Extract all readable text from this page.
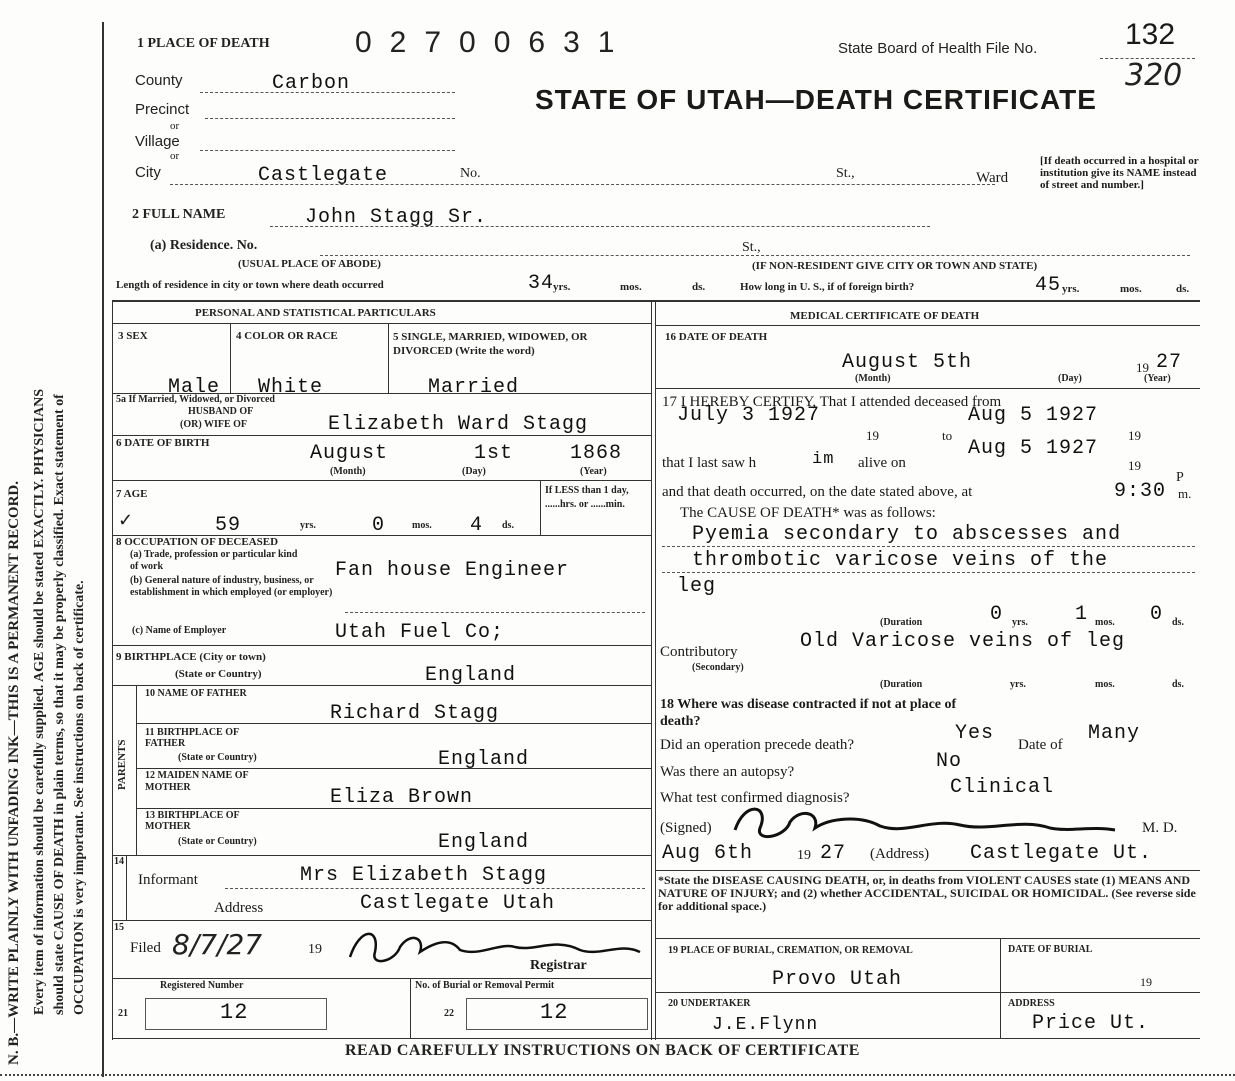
N. B.—WRITE PLAINLY WITH UNFADING INK—THIS IS A PERMANENT RECORD. Every item of information should be carefully supplied. AGE should be stated EXACTLY. PHYSICIANS should state CAUSE OF DEATH in plain terms, so that it may be properly classified. Exact statement of OCCUPATION is very important. See instructions on back of certificate.
1 PLACE OF DEATH	02700631	State Board of Health File No.	132
320
STATE OF UTAH—DEATH CERTIFICATE
County	Carbon
Precinct
or
Village
or
City	Castlegate	No.	St.,	Ward
[If death occurred in a hospital or institution give its NAME instead of street and number.]
2 FULL NAME	John Stagg Sr.
(a) Residence. No.	St.,
(USUAL PLACE OF ABODE)	(IF NON-RESIDENT GIVE CITY OR TOWN AND STATE)
Length of residence in city or town where death occurred	34
yrs.	mos.	ds.	How long in U. S., if of foreign birth?	45 yrs.	mos.	ds.
PERSONAL AND STATISTICAL PARTICULARS
3 SEX	4 COLOR OR RACE	5 SINGLE, MARRIED, WIDOWED, OR DIVORCED (Write the word)
Male White	Married
5a If Married, Widowed, or Divorced
HUSBAND OF
(OR) WIFE OF	Elizabeth Ward Stagg
6 DATE OF BIRTH	August	1st	1868
(Month)	(Day)	(Year)
7 AGE
✓	59	yrs.	0	mos. 4 ds.
If LESS than 1 day, ......hrs. or ......min.
8 OCCUPATION OF DECEASED
(a) Trade, profession or particular kind of work	Fan house Engineer
(b) General nature of industry, business, or establishment in which employed (or employer)
(c) Name of Employer	Utah Fuel Co;
9 BIRTHPLACE (City or town)
(State or Country)	England
PARENTS
10 NAME OF FATHER
Richard Stagg
11 BIRTHPLACE OF FATHER
(State or Country)	England
12 MAIDEN NAME OF MOTHER	Eliza Brown
13 BIRTHPLACE OF MOTHER
(State or Country)	England
14
Informant	Mrs Elizabeth Stagg
Address	Castlegate Utah
15
Filed 8/7/27	19
Registrar
Registered Number	No. of Burial or Removal Permit
21	12	22	12
MEDICAL CERTIFICATE OF DEATH
16 DATE OF DEATH
August 5th	19 27
(Month)	(Day)	(Year)
17 I HEREBY CERTIFY, That I attended deceased from
July 3 1927
19	to
Aug 5 1927
19
that I last saw h	im alive on
Aug 5 1927
19
and that death occurred, on the date stated above, at	9:30
P
m.
The CAUSE OF DEATH* was as follows:
Pyemia secondary to abscesses and
thrombotic varicose veins of the
leg
(Duration	0 yrs. 1 mos. 0 ds.
Contributory
(Secondary)
Old Varicose veins of leg
(Duration	yrs.	mos.	ds.
18 Where was disease contracted if not at place of death?
Did an operation precede death?	Yes Date of Many
Was there an autopsy?	No
What test confirmed diagnosis?	Clinical
(Signed)	M. D.
Aug 6th	19 27 (Address) Castlegate Ut.
*State the DISEASE CAUSING DEATH, or, in deaths from VIOLENT CAUSES state (1) MEANS AND NATURE OF INJURY; and (2) whether ACCIDENTAL, SUICIDAL OR HOMICIDAL. (See reverse side for additional space.)
19 PLACE OF BURIAL, CREMATION, OR REMOVAL
Provo Utah
DATE OF BURIAL
19
20 UNDERTAKER
J.E.Flynn
ADDRESS
Price Ut.
READ CAREFULLY INSTRUCTIONS ON BACK OF CERTIFICATE
